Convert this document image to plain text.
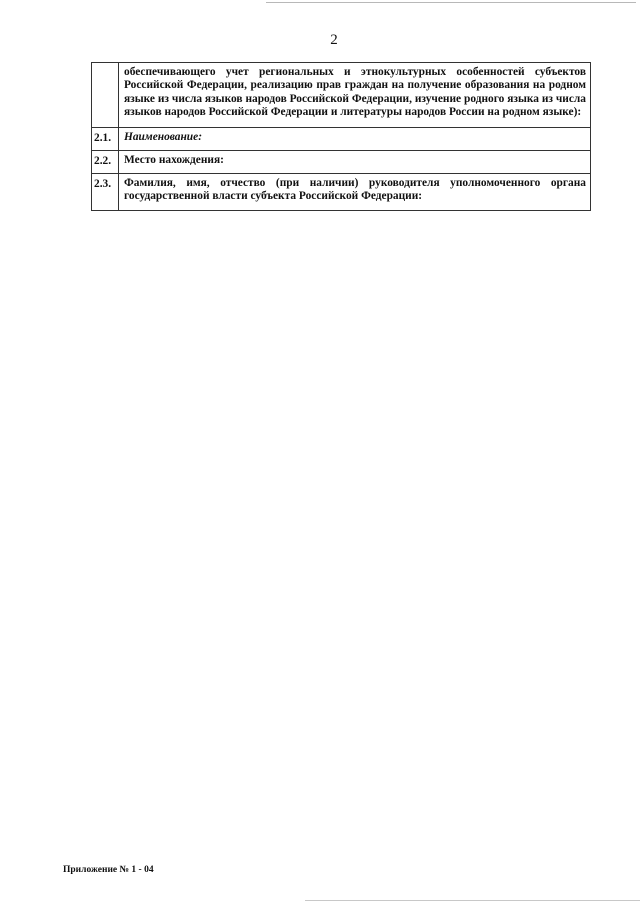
2
	обеспечивающего учет региональных и этнокультурных особенностей субъектов Российской Федерации, реализацию прав граждан на получение образования на родном языке из числа языков народов Российской Федерации, изучение родного языка из числа языков народов Российской Федерации и литературы народов России на родном языке):
2.1.	Наименование:
2.2.	Место нахождения:
2.3.	Фамилия, имя, отчество (при наличии) руководителя уполномоченного органа государственной власти субъекта Российской Федерации:
Приложение № 1 - 04
